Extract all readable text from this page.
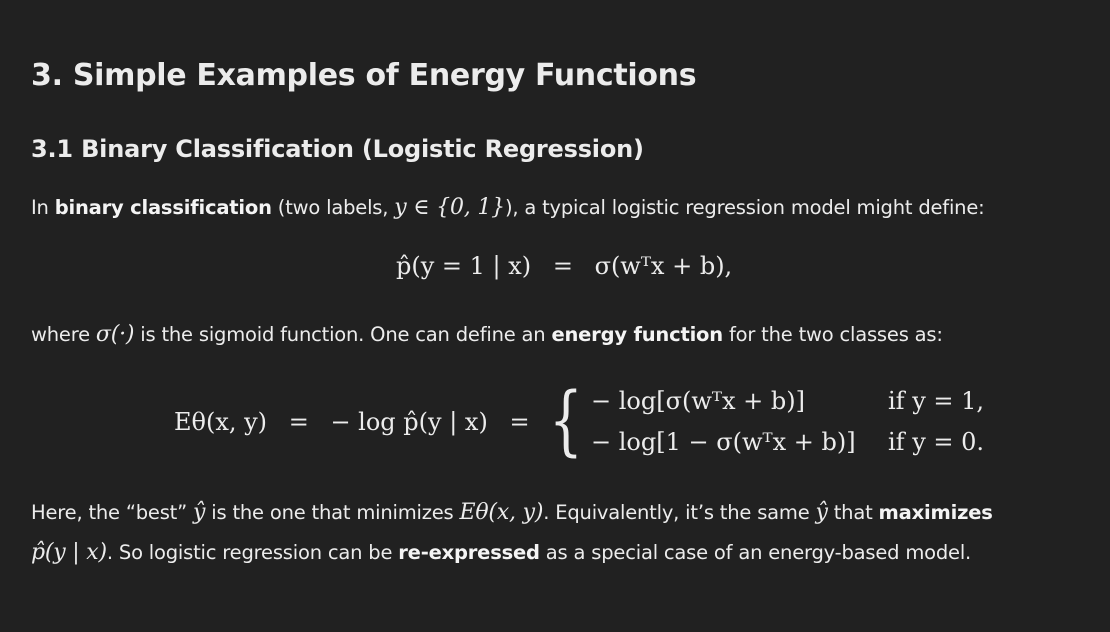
3. Simple Examples of Energy Functions
3.1 Binary Classification (Logistic Regression)

In binary classification (two labels, y ∈ {0, 1}), a typical logistic regression model might define:

p̂(y = 1 | x) = σ(wᵀx + b),

where σ(·) is the sigmoid function. One can define an energy function for the two classes as:

Eθ(x, y) = − log p̂(y | x) = { − log[σ(wᵀx + b)]	if y = 1,
− log[1 − σ(wᵀx + b)] if y = 0.

Here, the “best” ŷ is the one that minimizes Eθ(x, y). Equivalently, it’s the same ŷ that maximizes

p̂(y | x). So logistic regression can be re-expressed as a special case of an energy-based model.
